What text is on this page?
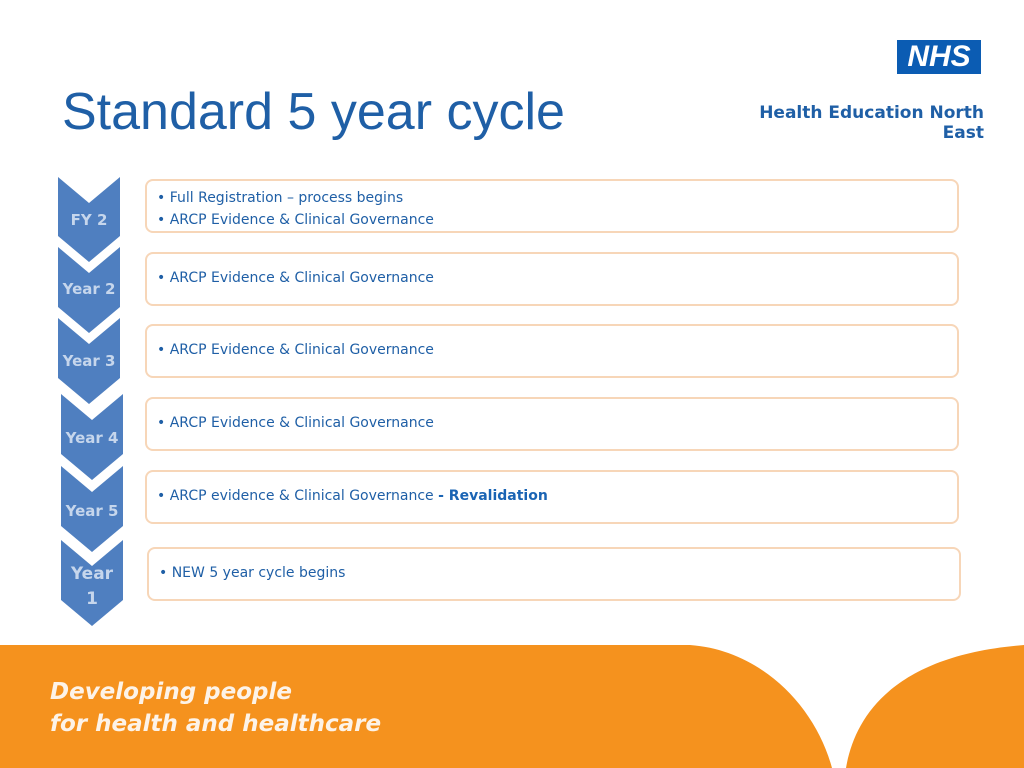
Standard 5 year cycle
NHS
Health Education North East
FY 2
Year 2
Year 3
Year 4
Year 5
Year
1
• Full Registration – process begins
• ARCP Evidence & Clinical Governance
• ARCP Evidence & Clinical Governance
• ARCP Evidence & Clinical Governance
• ARCP Evidence & Clinical Governance
• ARCP evidence & Clinical Governance - Revalidation
• NEW 5 year cycle begins
Developing people
for health and healthcare
